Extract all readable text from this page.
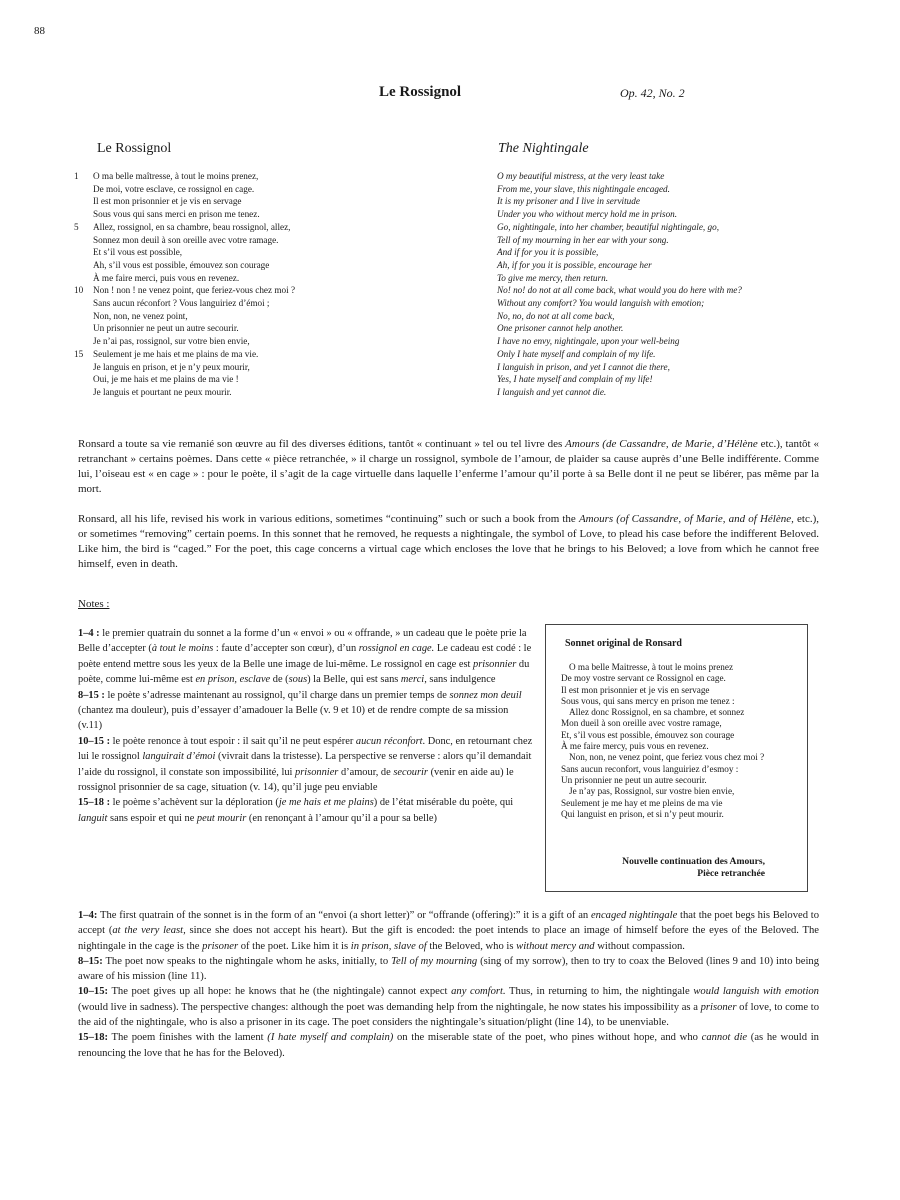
88
Le Rossignol	Op. 42, No. 2
Le Rossignol	The Nightingale
1 O ma belle maîtresse, à tout le moins prenez,
De moi, votre esclave, ce rossignol en cage.
Il est mon prisonnier et je vis en servage
Sous vous qui sans merci en prison me tenez.
5 Allez, rossignol, en sa chambre, beau rossignol, allez,
Sonnez mon deuil à son oreille avec votre ramage.
Et s’il vous est possible,
Ah, s’il vous est possible, émouvez son courage
À me faire merci, puis vous en revenez.
10 Non ! non ! ne venez point, que feriez-vous chez moi ?
Sans aucun réconfort ? Vous languiriez d’émoi ;
Non, non, ne venez point,
Un prisonnier ne peut un autre secourir.
Je n’ai pas, rossignol, sur votre bien envie,
15 Seulement je me hais et me plains de ma vie.
Je languis en prison, et je n’y peux mourir,
Oui, je me hais et me plains de ma vie !
Je languis et pourtant ne peux mourir.
O my beautiful mistress, at the very least take
From me, your slave, this nightingale encaged.
It is my prisoner and I live in servitude
Under you who without mercy hold me in prison.
Go, nightingale, into her chamber, beautiful nightingale, go,
Tell of my mourning in her ear with your song.
And if for you it is possible,
Ah, if for you it is possible, encourage her
To give me mercy, then return.
No! no! do not at all come back, what would you do here with me?
Without any comfort? You would languish with emotion;
No, no, do not at all come back,
One prisoner cannot help another.
I have no envy, nightingale, upon your well-being
Only I hate myself and complain of my life.
I languish in prison, and yet I cannot die there,
Yes, I hate myself and complain of my life!
I languish and yet cannot die.
Ronsard a toute sa vie remanié son œuvre au fil des diverses éditions, tantôt « continuant » tel ou tel livre des Amours (de Cassandre, de Marie, d’Hélène etc.), tantôt « retranchant » certains poèmes. Dans cette « pièce retranchée, » il charge un rossignol, symbole de l’amour, de plaider sa cause auprès d’une Belle indifférente. Comme lui, l’oiseau est « en cage » : pour le poète, il s’agit de la cage virtuelle dans laquelle l’enferme l’amour qu’il porte à sa Belle dont il ne peut se libérer, pas même par la mort.
Ronsard, all his life, revised his work in various editions, sometimes “continuing” such or such a book from the Amours (of Cassandre, of Marie, and of Hélène, etc.), or sometimes “removing” certain poems. In this sonnet that he removed, he requests a nightingale, the symbol of Love, to plead his case before the indifferent Beloved. Like him, the bird is “caged.” For the poet, this cage concerns a virtual cage which encloses the love that he brings to his Beloved; a love from which he cannot free himself, even in death.
Notes :

1–4 : le premier quatrain du sonnet a la forme d’un « envoi » ou « offrande, » un cadeau que le poète prie la Belle d’accepter (à tout le moins : faute d’accepter son cœur), d’un rossignol en cage. Le cadeau est codé : le poète entend mettre sous les yeux de la Belle une image de lui-même. Le rossignol en cage est prisonnier du poète, comme lui-même est en prison, esclave de (sous) la Belle, qui est sans merci, sans indulgence

8–15 : le poète s’adresse maintenant au rossignol, qu’il charge dans un premier temps de sonnez mon deuil (chantez ma douleur), puis d’essayer d’amadouer la Belle (v. 9 et 10) et de rendre compte de sa mission (v.11)

10–15 : le poète renonce à tout espoir : il sait qu’il ne peut espérer aucun réconfort. Donc, en retournant chez lui le rossignol languirait d’émoi (vivrait dans la tristesse). La perspective se renverse : alors qu’il demandait l’aide du rossignol, il constate son impossibilité, lui prisonnier d’amour, de secourir (venir en aide au) le rossignol prisonnier de sa cage, situation (v. 14), qu’il juge peu enviable

15–18 : le poème s’achèvent sur la déploration (je me hais et me plains) de l’état misérable du poète, qui languit sans espoir et qui ne peut mourir (en renonçant à l’amour qu’il a pour sa belle)

Sonnet original de Ronsard
O ma belle Maitresse, à tout le moins prenez
De moy vostre servant ce Rossignol en cage.
Il est mon prisonnier et je vis en servage
Sous vous, qui sans mercy en prison me tenez :
Allez donc Rossignol, en sa chambre, et sonnez
Mon dueil à son oreille avec vostre ramage,
Et, s’il vous est possible, émouvez son courage
À me faire mercy, puis vous en revenez.
Non, non, ne venez point, que feriez vous chez moi ?
Sans aucun reconfort, vous languiriez d’esmoy :
Un prisonnier ne peut un autre secourir.
Je n’ay pas, Rossignol, sur vostre bien envie,
Seulement je me hay et me pleins de ma vie
Qui languist en prison, et si n’y peut mourir.
Nouvelle continuation des Amours,
Pièce retranchée

1–4: The first quatrain of the sonnet is in the form of an “envoi (a short letter)” or “offrande (offering):” it is a gift of an encaged nightingale that the poet begs his Beloved to accept (at the very least, since she does not accept his heart). But the gift is encoded: the poet intends to place an image of himself before the eyes of the Beloved. The nightingale in the cage is the prisoner of the poet. Like him it is in prison, slave of the Beloved, who is without mercy and without compassion.

8–15: The poet now speaks to the nightingale whom he asks, initially, to Tell of my mourning (sing of my sorrow), then to try to coax the Beloved (lines 9 and 10) into being aware of his mission (line 11).

10–15: The poet gives up all hope: he knows that he (the nightingale) cannot expect any comfort. Thus, in returning to him, the nightingale would languish with emotion (would live in sadness). The perspective changes: although the poet was demanding help from the nightingale, he now states his impossibility as a prisoner of love, to come to the aid of the nightingale, who is also a prisoner in its cage. The poet considers the nightingale’s situation/plight (line 14), to be unenviable.

15–18: The poem finishes with the lament (I hate myself and complain) on the miserable state of the poet, who pines without hope, and who cannot die (as he would in renouncing the love that he has for the Beloved).
